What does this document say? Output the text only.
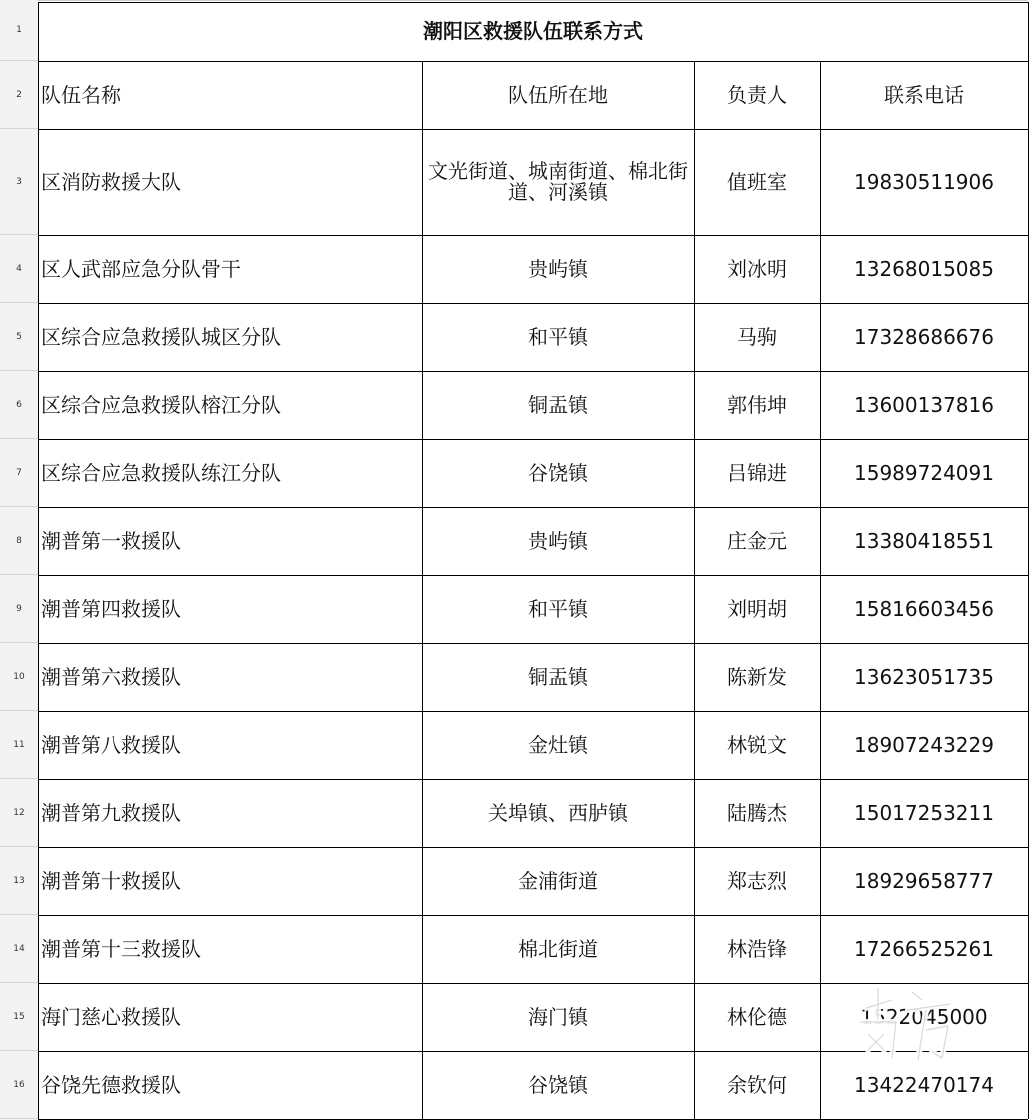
1
2
3
4
5
6
7
8
9
10
11
12
13
14
15
16
潮阳区救援队伍联系方式
队伍名称	队伍所在地	负责人	联系电话
区消防救援大队	文光街道、城南街道、棉北街道、河溪镇	值班室	19830511906
区人武部应急分队骨干	贵屿镇	刘冰明	13268015085
区综合应急救援队城区分队	和平镇	马驹	17328686676
区综合应急救援队榕江分队	铜盂镇	郭伟坤	13600137816
区综合应急救援队练江分队	谷饶镇	吕锦进	15989724091
潮普第一救援队	贵屿镇	庄金元	13380418551
潮普第四救援队	和平镇	刘明胡	15816603456
潮普第六救援队	铜盂镇	陈新发	13623051735
潮普第八救援队	金灶镇	林锐文	18907243229
潮普第九救援队	关埠镇、西胪镇	陆腾杰	15017253211
潮普第十救援队	金浦街道	郑志烈	18929658777
潮普第十三救援队	棉北街道	林浩锋	17266525261
海门慈心救援队	海门镇	林伦德	1522045000
谷饶先德救援队	谷饶镇	余钦何	13422470174
